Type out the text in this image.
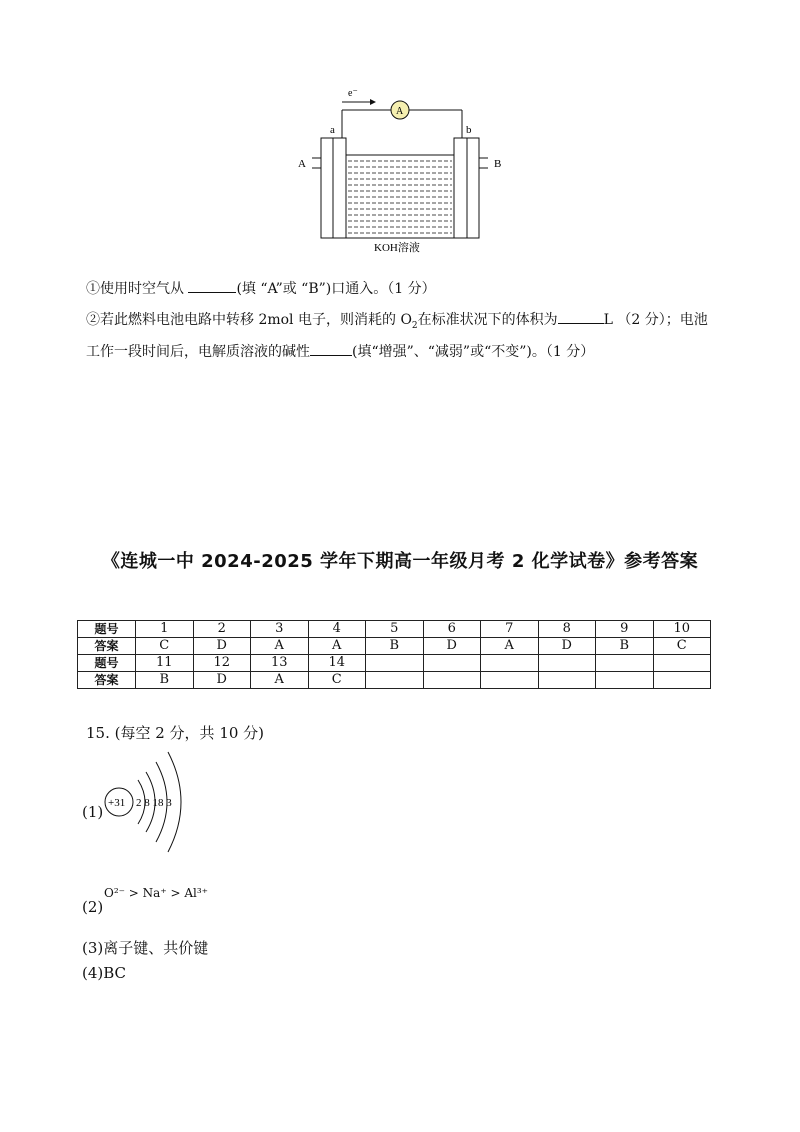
e⁻
A
a	b
A	B
KOH溶液
①使用时空气从	(填 “A”或 “B”)口通入。（1 分）
②若此燃料电池电路中转移 2mol 电子，则消耗的 $O_2$在标准状况下的体积为	L （2 分）；电池
工作一段时间后，电解质溶液的碱性	(填“增强”、“减弱”或“不变”)。（1 分）
《连城一中 2024-2025 学年下期高一年级月考 2 化学试卷》参考答案
题号	1	2	3	4	5	6	7	8	9	10
答案	C	D	A	A	B	D	A	D	B	C
题号	11	12	13	14						
答案	B	D	A	C						
15. (每空 2 分，共 10 分)
(1) +31 2 8 18 3
(2)
O²⁻ > Na⁺ > Al³⁺
(3)离子键、共价键
(4)BC
